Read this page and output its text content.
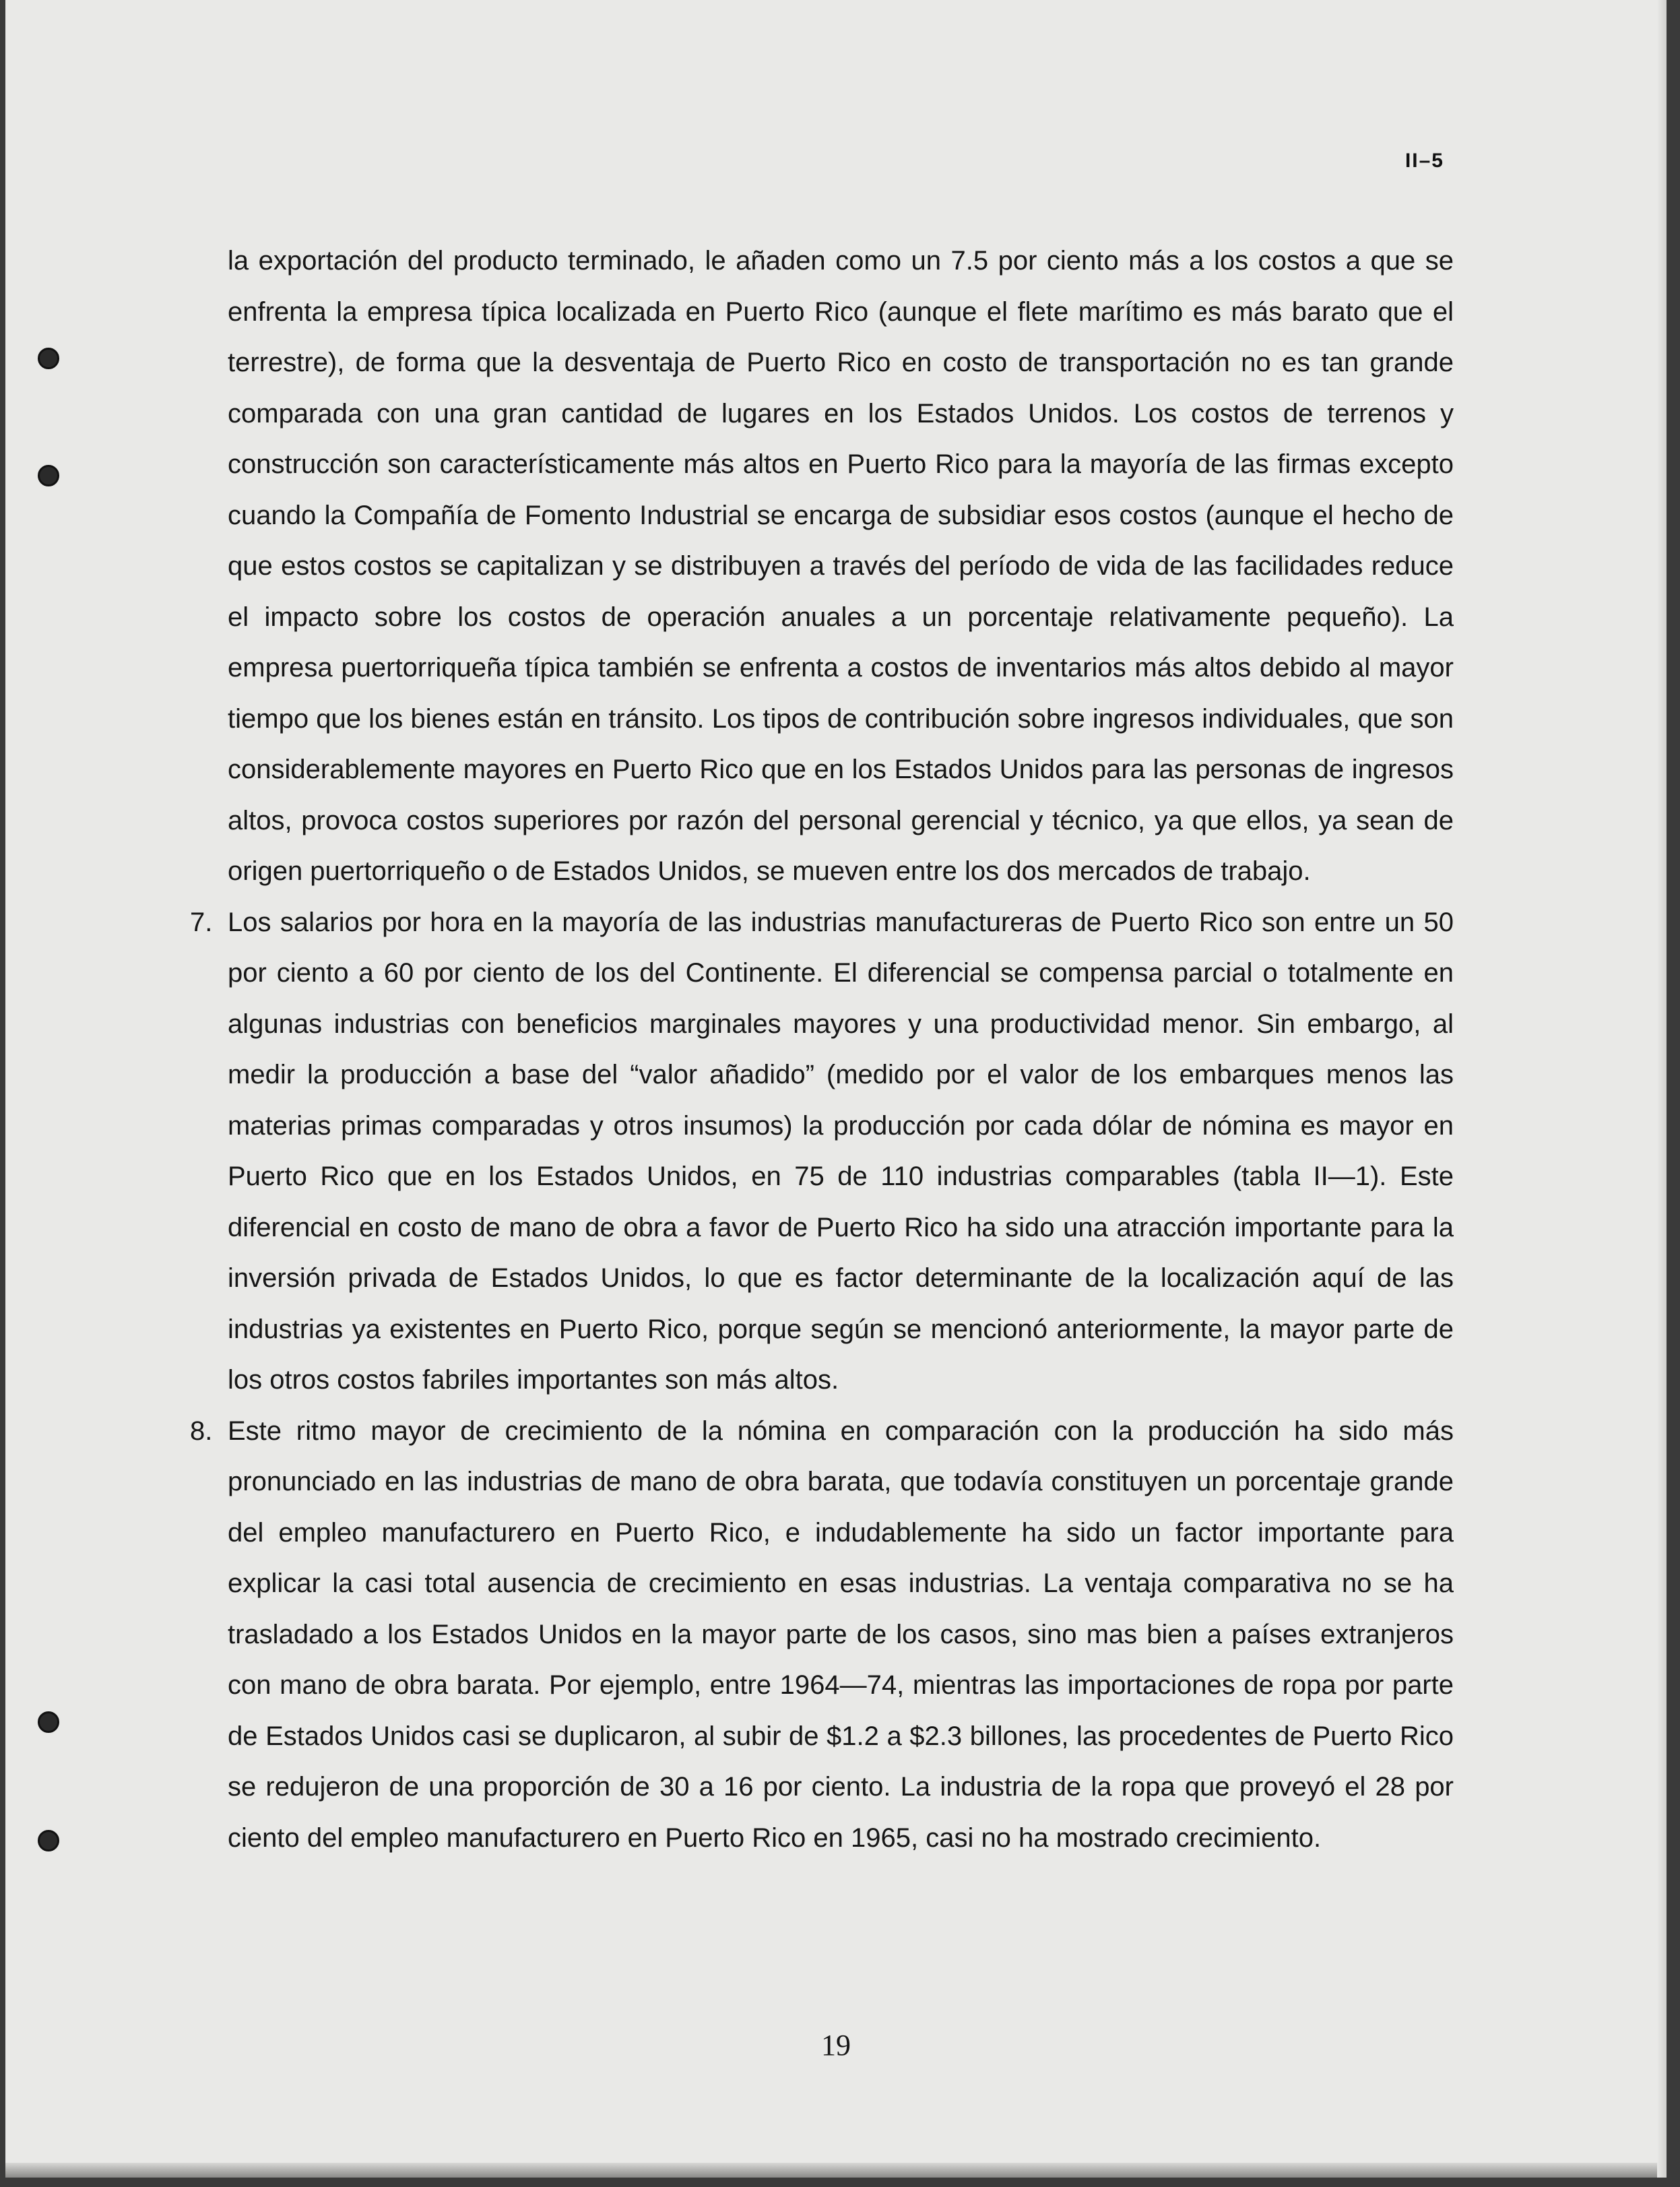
II–5

la exportación del producto terminado, le añaden como un 7.5 por ciento más a los costos a que se enfrenta la empresa típica localizada en Puerto Rico (aunque el flete marítimo es más barato que el terrestre), de forma que la desventaja de Puerto Rico en costo de transportación no es tan grande comparada con una gran cantidad de lugares en los Estados Unidos. Los costos de terrenos y construcción son característicamente más altos en Puerto Rico para la mayoría de las firmas excepto cuando la Compañía de Fomento Industrial se encarga de subsidiar esos costos (aunque el hecho de que estos costos se capitalizan y se distribuyen a través del período de vida de las facilidades reduce el impacto sobre los costos de operación anuales a un porcentaje relativamente pequeño). La empresa puertorriqueña típica también se enfrenta a costos de inventarios más altos debido al mayor tiempo que los bienes están en tránsito. Los tipos de contribución sobre ingresos individuales, que son considerablemente mayores en Puerto Rico que en los Estados Unidos para las personas de ingresos altos, provoca costos superiores por razón del personal gerencial y técnico, ya que ellos, ya sean de origen puertorriqueño o de Estados Unidos, se mueven entre los dos mercados de trabajo.

7. Los salarios por hora en la mayoría de las industrias manufactureras de Puerto Rico son entre un 50 por ciento a 60 por ciento de los del Continente. El diferencial se compensa parcial o totalmente en algunas industrias con beneficios marginales mayores y una productividad menor. Sin embargo, al medir la producción a base del “valor añadido” (medido por el valor de los embarques menos las materias primas comparadas y otros insumos) la producción por cada dólar de nómina es mayor en Puerto Rico que en los Estados Unidos, en 75 de 110 industrias comparables (tabla II—1). Este diferencial en costo de mano de obra a favor de Puerto Rico ha sido una atracción importante para la inversión privada de Estados Unidos, lo que es factor determinante de la localización aquí de las industrias ya existentes en Puerto Rico, porque según se mencionó anteriormente, la mayor parte de los otros costos fabriles importantes son más altos.

8. Este ritmo mayor de crecimiento de la nómina en comparación con la producción ha sido más pronunciado en las industrias de mano de obra barata, que todavía constituyen un porcentaje grande del empleo manufacturero en Puerto Rico, e indudablemente ha sido un factor importante para explicar la casi total ausencia de crecimiento en esas industrias. La ventaja comparativa no se ha trasladado a los Estados Unidos en la mayor parte de los casos, sino mas bien a países extranjeros con mano de obra barata. Por ejemplo, entre 1964—74, mientras las importaciones de ropa por parte de Estados Unidos casi se duplicaron, al subir de $1.2 a $2.3 billones, las procedentes de Puerto Rico se redujeron de una proporción de 30 a 16 por ciento. La industria de la ropa que proveyó el 28 por ciento del empleo manufacturero en Puerto Rico en 1965, casi no ha mostrado crecimiento.

19
